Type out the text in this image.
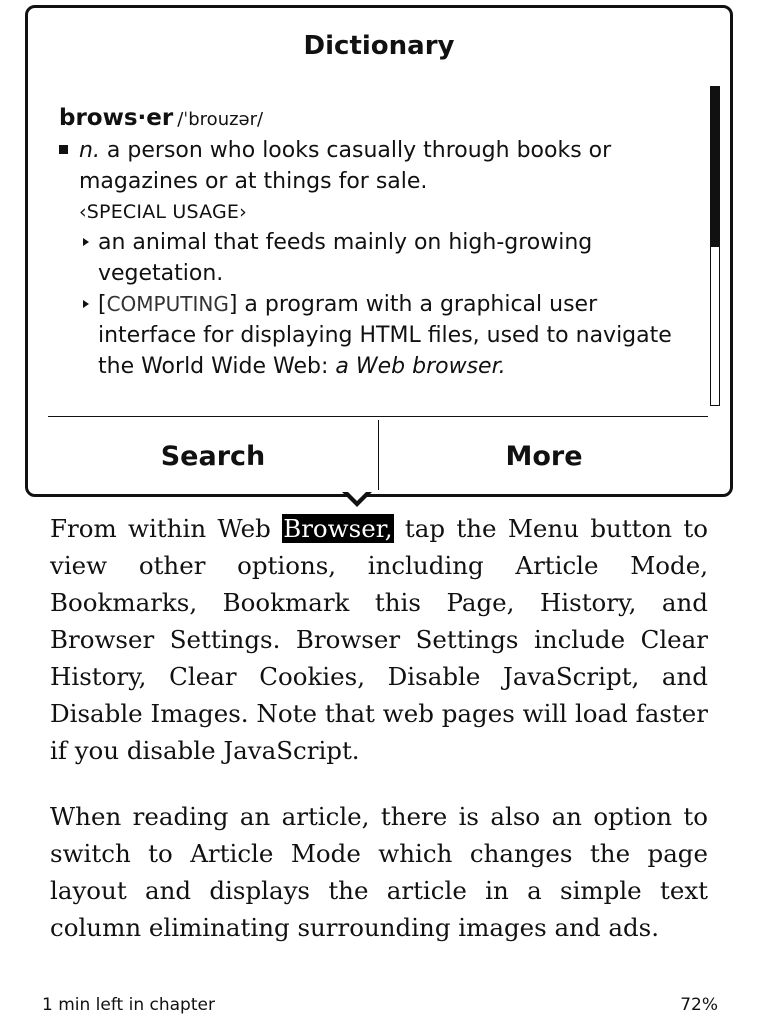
From within Web Browser, tap the Menu button to view other options, including Article Mode, Bookmarks, Bookmark this Page, History, and Browser Settings. Browser Settings include Clear History, Clear Cookies, Disable JavaScript, and Disable Images. Note that web pages will load faster if you disable JavaScript.

When reading an article, there is also an option to switch to Article Mode which changes the page layout and displays the article in a simple text column eliminating surrounding images and ads.

1 min left in chapter	72%
Dictionary
brows·er /ˈbrouzər/
n. a person who looks casually through books or magazines or at things for sale.
‹SPECIAL USAGE›
an animal that feeds mainly on high-growing vegetation.
[COMPUTING] a program with a graphical user interface for displaying HTML files, used to navigate the World Wide Web: a Web browser.
Search	More
